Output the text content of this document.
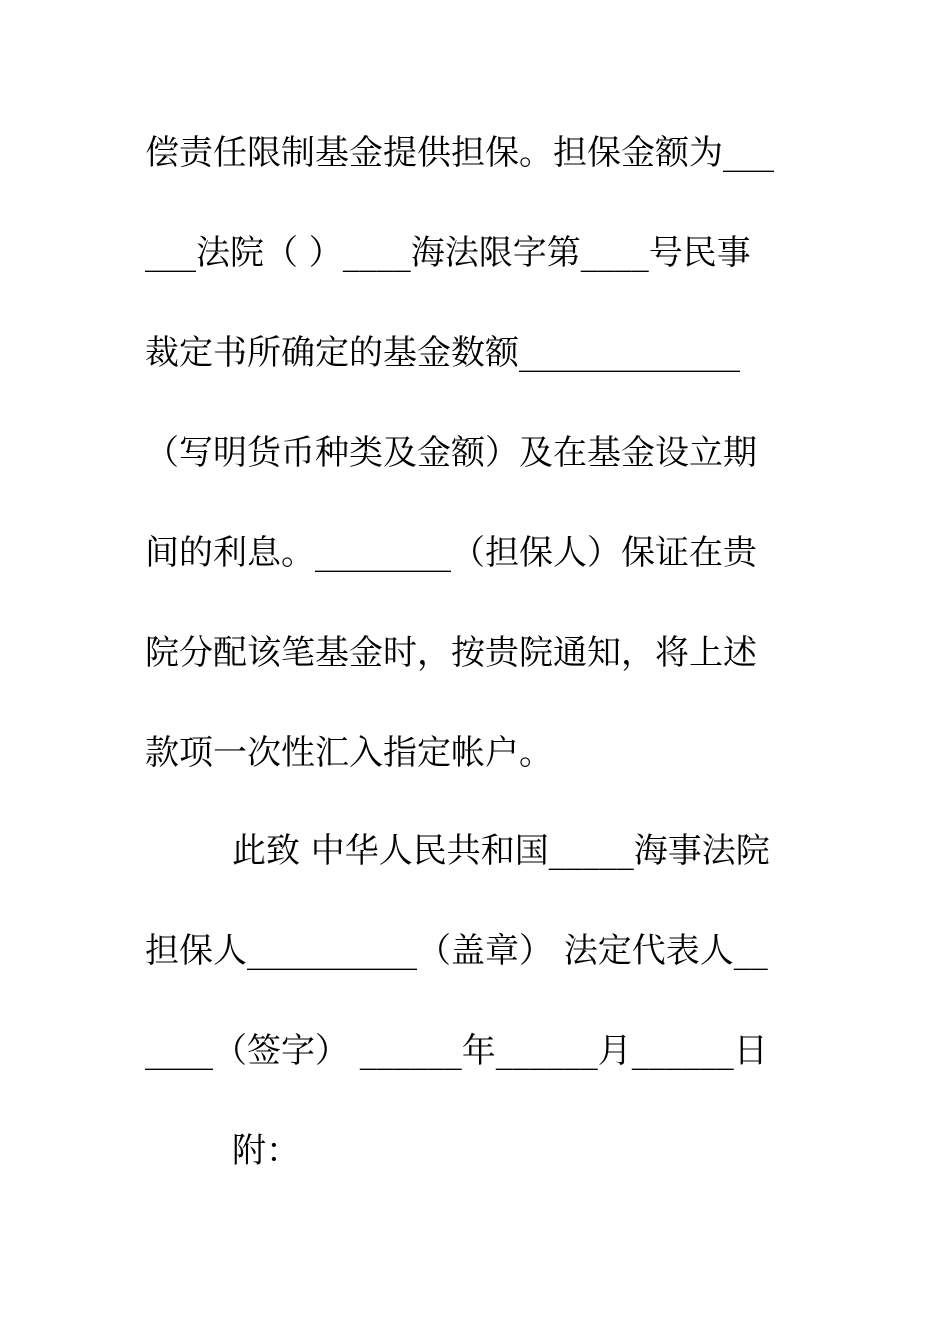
偿责任限制基金提供担保。担保金额为___
___法院（ ）____海法限字第____号民事
裁定书所确定的基金数额_____________
（写明货币种类及金额）及在基金设立期
间的利息。________（担保人）保证在贵
院分配该笔基金时，按贵院通知，将上述
款项一次性汇入指定帐户。
此致 中华人民共和国_____海事法院
担保人__________（盖章） 法定代表人__
____（签字） ______年______月______日
附：
